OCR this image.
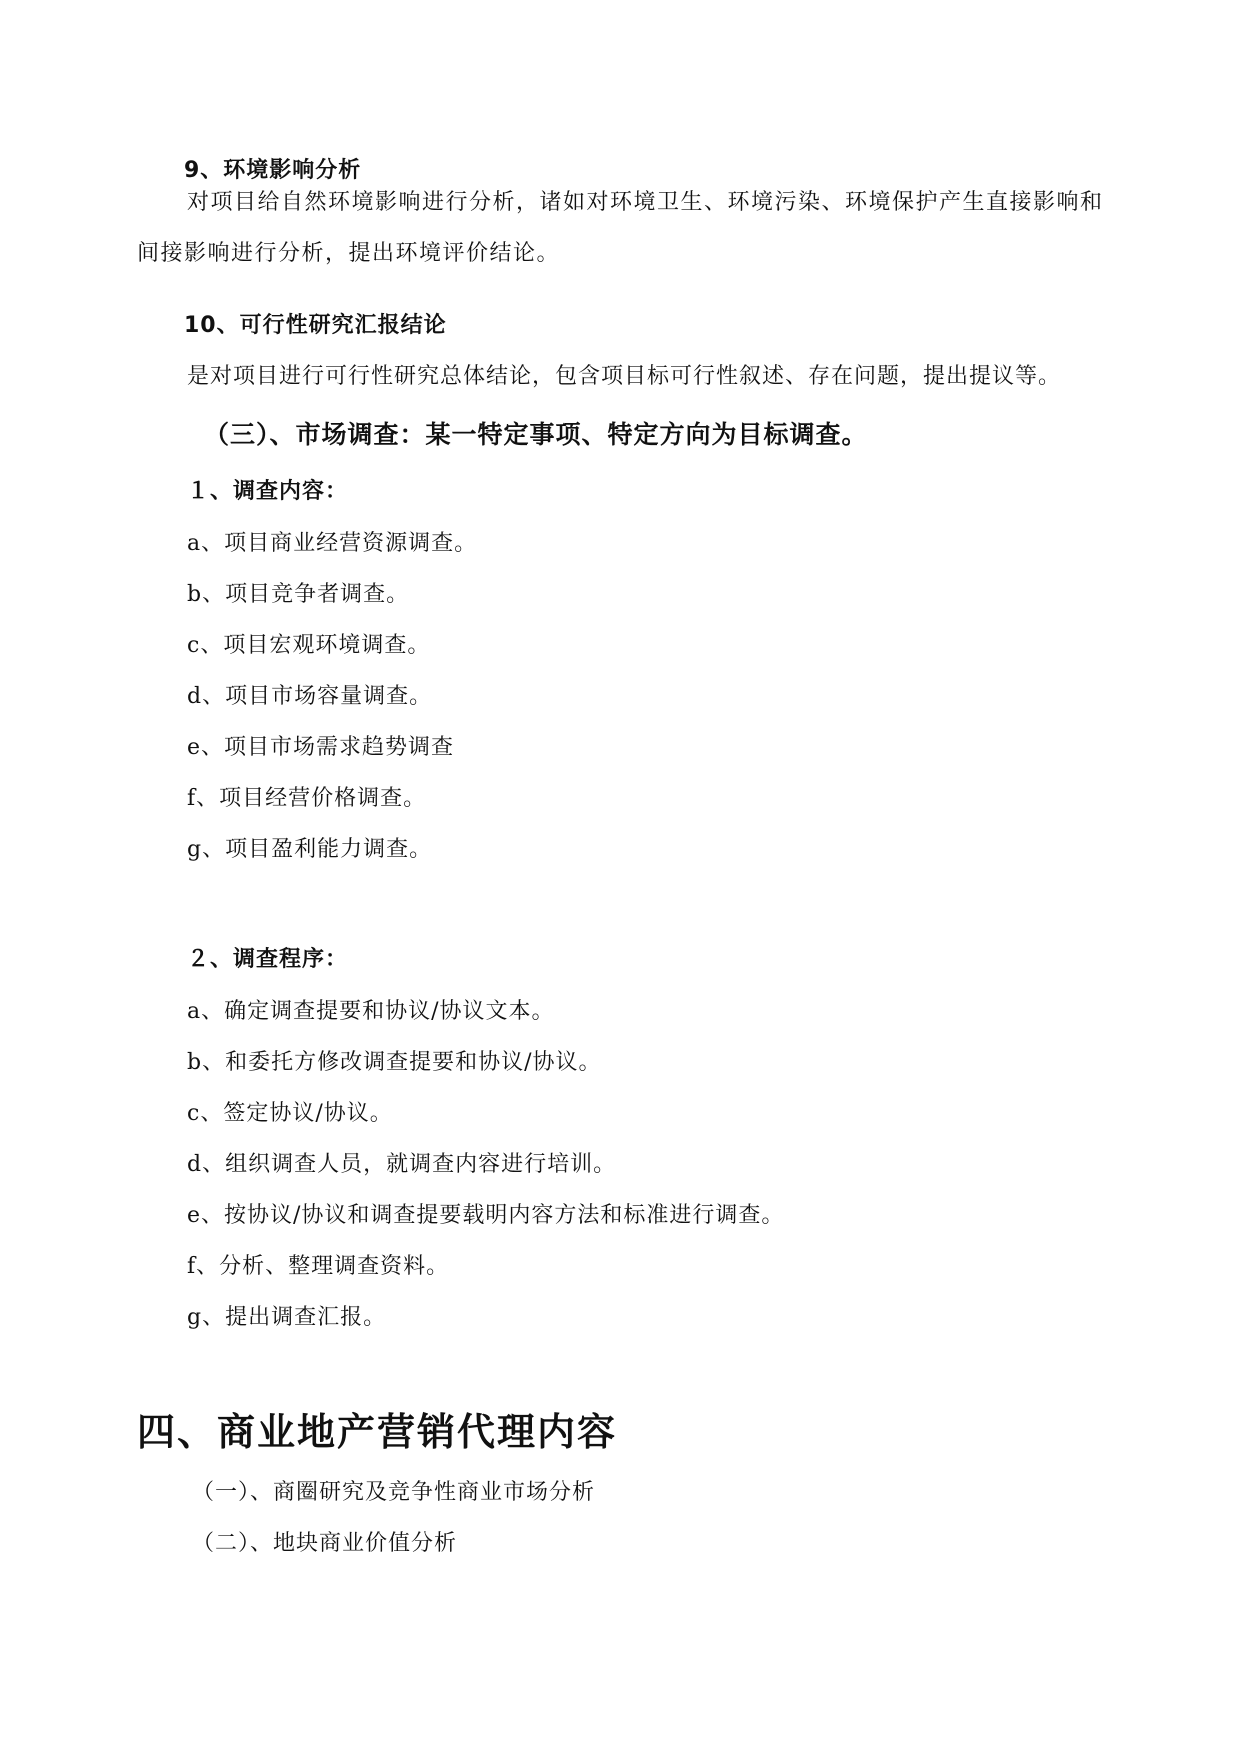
9、环境影响分析
对项目给自然环境影响进行分析，诸如对环境卫生、环境污染、环境保护产生直接影响和间接影响进行分析，提出环境评价结论。
10、可行性研究汇报结论
是对项目进行可行性研究总体结论，包含项目标可行性叙述、存在问题，提出提议等。
（三）、市场调查：某一特定事项、特定方向为目标调查。
１、调查内容：
a、项目商业经营资源调查。
b、项目竞争者调查。
c、项目宏观环境调查。
d、项目市场容量调查。
e、项目市场需求趋势调查
f、项目经营价格调查。
g、项目盈利能力调查。
２、调查程序：
a、确定调查提要和协议/协议文本。
b、和委托方修改调查提要和协议/协议。
c、签定协议/协议。
d、组织调查人员，就调查内容进行培训。
e、按协议/协议和调查提要载明内容方法和标准进行调查。
f、分析、整理调查资料。
g、提出调查汇报。
四、商业地产营销代理内容
（一）、商圈研究及竞争性商业市场分析
（二）、地块商业价值分析
